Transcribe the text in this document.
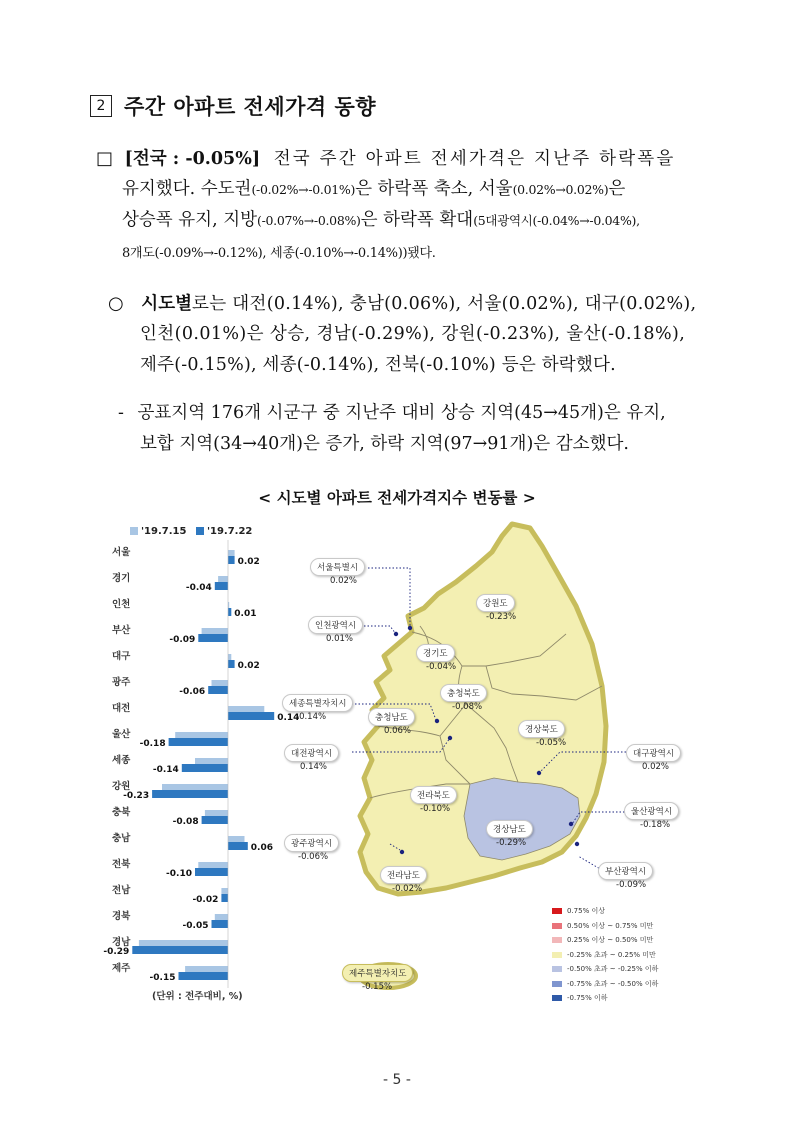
2 주간 아파트 전세가격 동향
□ [전국 : -0.05%] 전국 주간 아파트 전세가격은 지난주 하락폭을
유지했다. 수도권(-0.02%→-0.01%)은 하락폭 축소, 서울(0.02%→0.02%)은
상승폭 유지, 지방(-0.07%→-0.08%)은 하락폭 확대(5대광역시(-0.04%→-0.04%),
8개도(-0.09%→-0.12%), 세종(-0.10%→-0.14%))됐다.
○ 시도별로는 대전(0.14%), 충남(0.06%), 서울(0.02%), 대구(0.02%),
인천(0.01%)은 상승, 경남(-0.29%), 강원(-0.23%), 울산(-0.18%),
제주(-0.15%), 세종(-0.14%), 전북(-0.10%) 등은 하락했다.
- 공표지역 176개 시군구 중 지난주 대비 상승 지역(45→45개)은 유지,
보합 지역(34→40개)은 증가, 하락 지역(97→91개)은 감소했다.
< 시도별 아파트 전세가격지수 변동률 >
'19.7.15 '19.7.22
서울
0.02
경기
-0.04
인천
0.01
부산
-0.09
대구
0.02
광주
-0.06
대전
0.14
울산
-0.18
세종
-0.14
강원
-0.23
충북
-0.08
충남
0.06
전북
-0.10
전남
-0.02
경북
-0.05
경남
-0.29
제주
-0.15
(단위 : 전주대비, %)
서울특별시
0.02%
인천광역시
0.01%
경기도
-0.04%
강원도
-0.23%
세종특별자치시
-0.14%
충청북도
-0.08%
충청남도
0.06%
대전광역시
0.14%
경상북도
-0.05%
대구광역시
0.02%
전라북도
-0.10%	울산광역시
-0.18%
경상남도
-0.29%
광주광역시
-0.06%
부산광역시
-0.09%
전라남도
-0.02%
제주특별자치도
-0.15%
0.75% 이상
0.50% 이상 ~ 0.75% 미만
0.25% 이상 ~ 0.50% 미만
-0.25% 초과 ~ 0.25% 미만
-0.50% 초과 ~ -0.25% 이하
-0.75% 초과 ~ -0.50% 이하
-0.75% 이하
- 5 -
